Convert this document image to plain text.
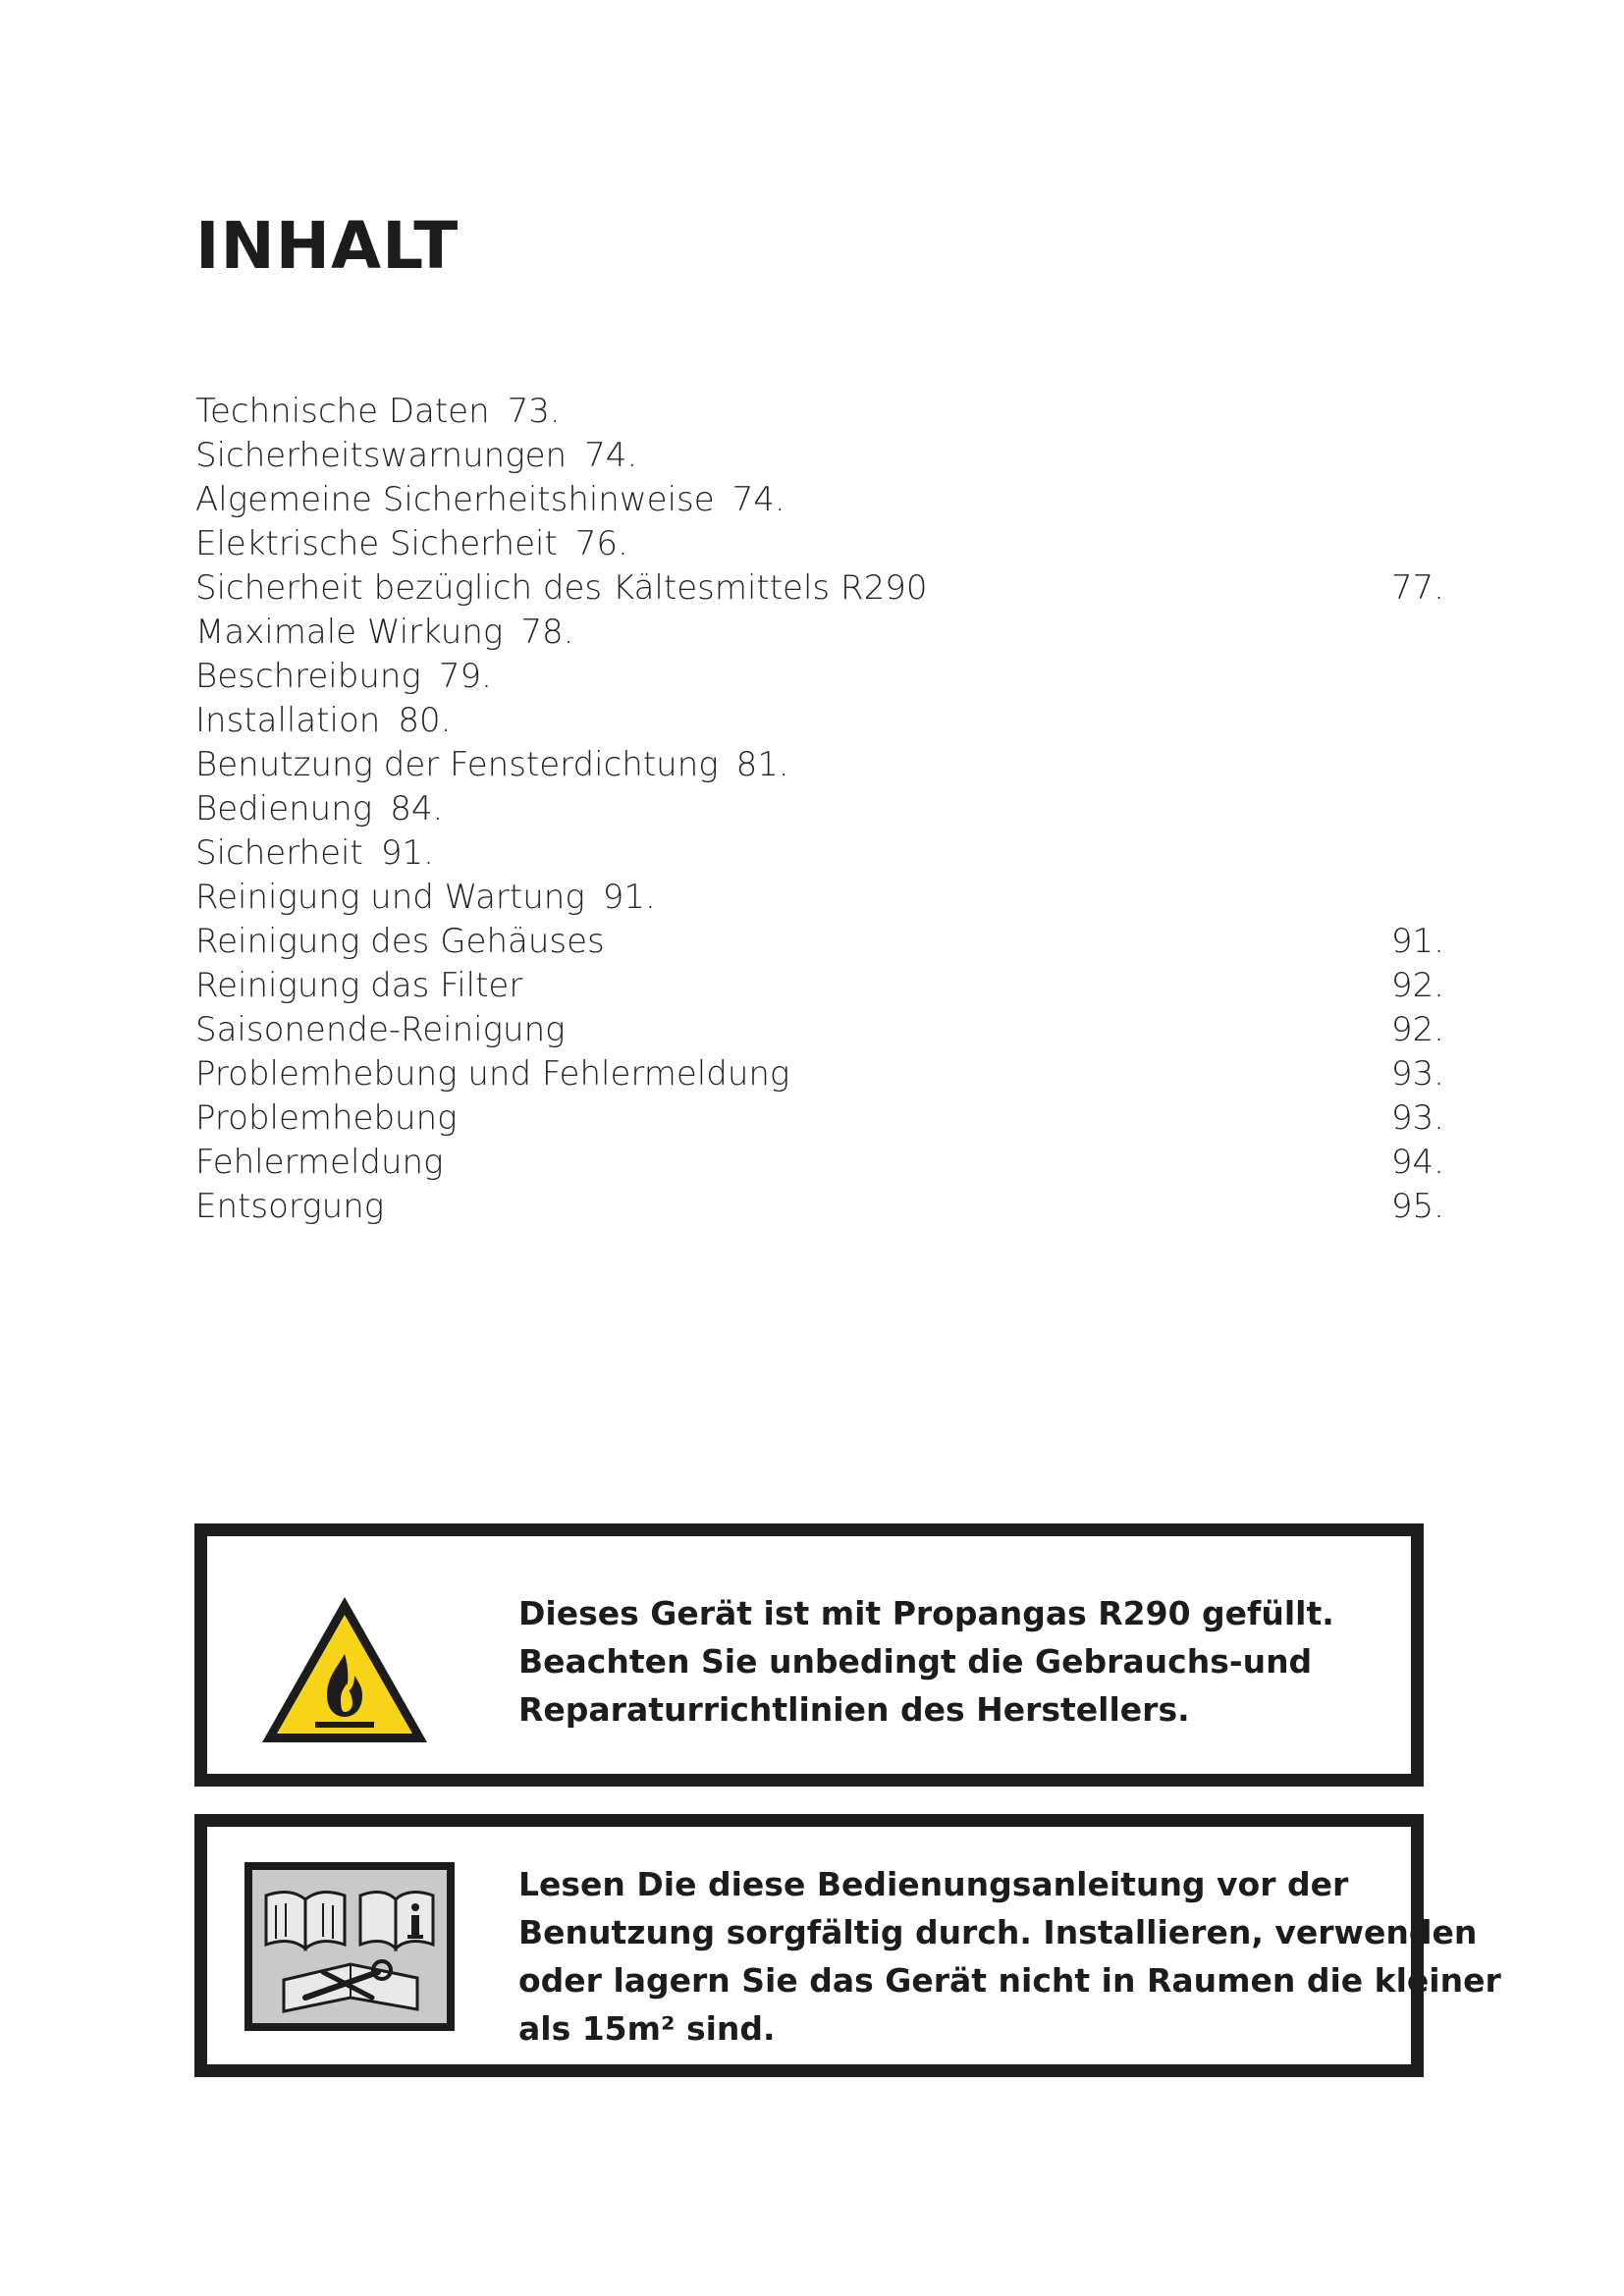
INHALT
Technische Daten 73.
Sicherheitswarnungen 74.
Algemeine Sicherheitshinweise 74.
Elektrische Sicherheit 76.
Sicherheit bezüglich des Kältesmittels R290	77.
Maximale Wirkung 78.
Beschreibung 79.
Installation 80.
Benutzung der Fensterdichtung 81.
Bedienung 84.
Sicherheit 91.
Reinigung und Wartung 91.
Reinigung des Gehäuses	91.
Reinigung das Filter	92.
Saisonende-Reinigung	92.
Problemhebung und Fehlermeldung	93.
Problemhebung	93.
Fehlermeldung	94.
Entsorgung	95.
Dieses Gerät ist mit Propangas R290 gefüllt.
Beachten Sie unbedingt die Gebrauchs-und
Reparaturrichtlinien des Herstellers.
Lesen Die diese Bedienungsanleitung vor der
Benutzung sorgfältig durch. Installieren, verwenden
oder lagern Sie das Gerät nicht in Raumen die kleiner
als 15m² sind.
